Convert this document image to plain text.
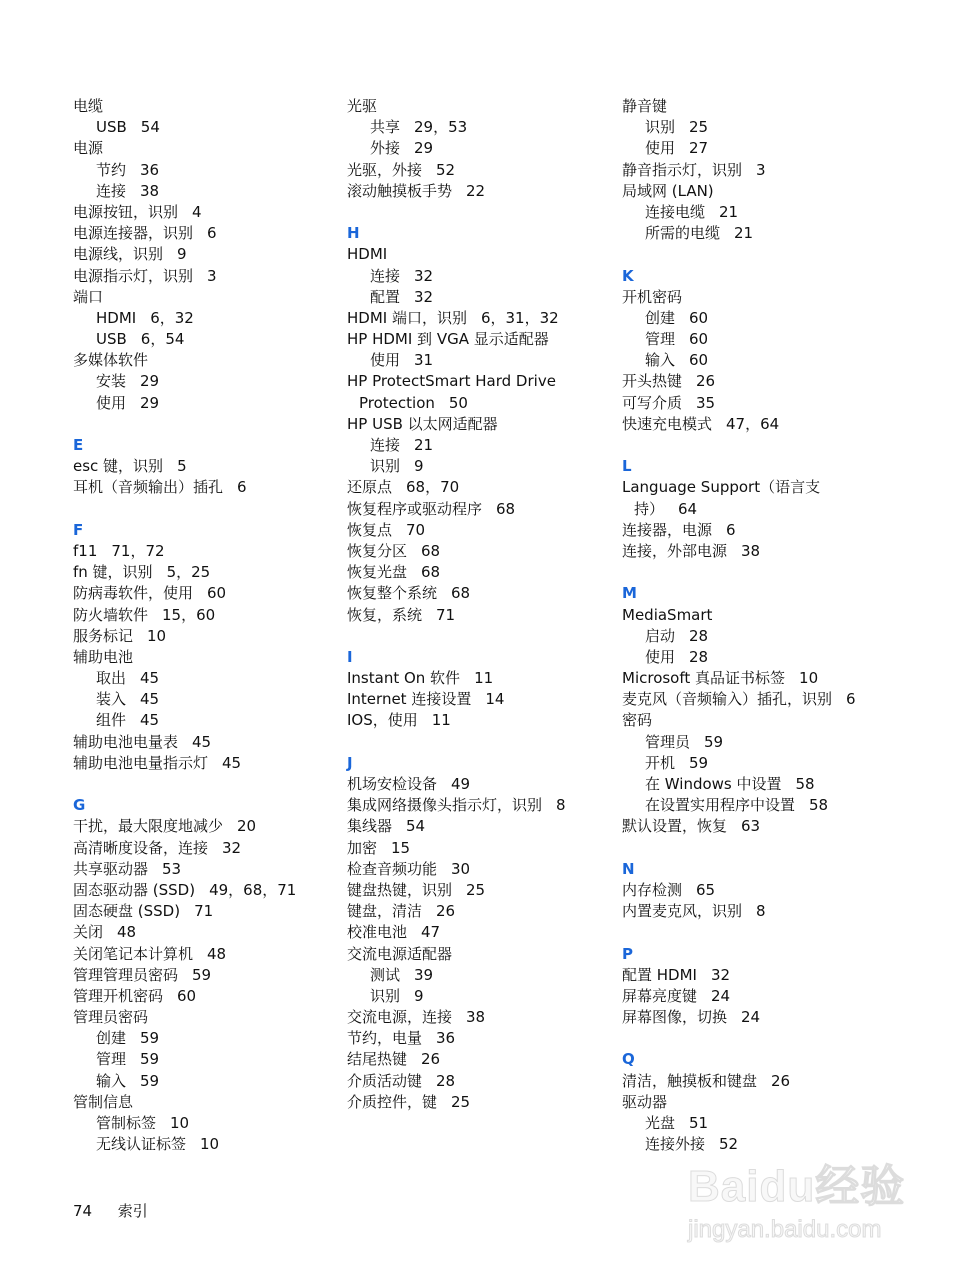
电缆
USB 54
电源
节约 36
连接 38
电源按钮，识别 4
电源连接器，识别 6
电源线，识别 9
电源指示灯，识别 3
端口
HDMI 6，32
USB 6，54
多媒体软件
安装 29
使用 29
E
esc 键，识别 5
耳机（音频输出）插孔 6
F
f11 71，72
fn 键，识别 5，25
防病毒软件，使用 60
防火墙软件 15，60
服务标记 10
辅助电池
取出 45
装入 45
组件 45
辅助电池电量表 45
辅助电池电量指示灯 45
G
干扰，最大限度地减少 20
高清晰度设备，连接 32
共享驱动器 53
固态驱动器 (SSD) 49，68，71
固态硬盘 (SSD) 71
关闭 48
关闭笔记本计算机 48
管理管理员密码 59
管理开机密码 60
管理员密码
创建 59
管理 59
输入 59
管制信息
管制标签 10
无线认证标签 10
光驱
共享 29，53
外接 29
光驱，外接 52
滚动触摸板手势 22
H
HDMI
连接 32
配置 32
HDMI 端口，识别 6，31，32
HP HDMI 到 VGA 显示适配器
使用 31
HP ProtectSmart Hard Drive
Protection 50
HP USB 以太网适配器
连接 21
识别 9
还原点 68，70
恢复程序或驱动程序 68
恢复点 70
恢复分区 68
恢复光盘 68
恢复整个系统 68
恢复，系统 71
I
Instant On 软件 11
Internet 连接设置 14
IOS，使用 11
J
机场安检设备 49
集成网络摄像头指示灯，识别 8
集线器 54
加密 15
检查音频功能 30
键盘热键，识别 25
键盘，清洁 26
校准电池 47
交流电源适配器
测试 39
识别 9
交流电源，连接 38
节约，电量 36
结尾热键 26
介质活动键 28
介质控件，键 25
静音键
识别 25
使用 27
静音指示灯，识别 3
局域网 (LAN)
连接电缆 21
所需的电缆 21
K
开机密码
创建 60
管理 60
输入 60
开头热键 26
可写介质 35
快速充电模式 47，64
L
Language Support（语言支
持） 64
连接器，电源 6
连接，外部电源 38
M
MediaSmart
启动 28
使用 28
Microsoft 真品证书标签 10
麦克风（音频输入）插孔，识别 6
密码
管理员 59
开机 59
在 Windows 中设置 58
在设置实用程序中设置 58
默认设置，恢复 63
N
内存检测 65
内置麦克风，识别 8
P
配置 HDMI 32
屏幕亮度键 24
屏幕图像，切换 24
Q
清洁，触摸板和键盘 26
驱动器
光盘 51
连接外接 52
74 索引	Baidu经验
jingyan.baidu.com
